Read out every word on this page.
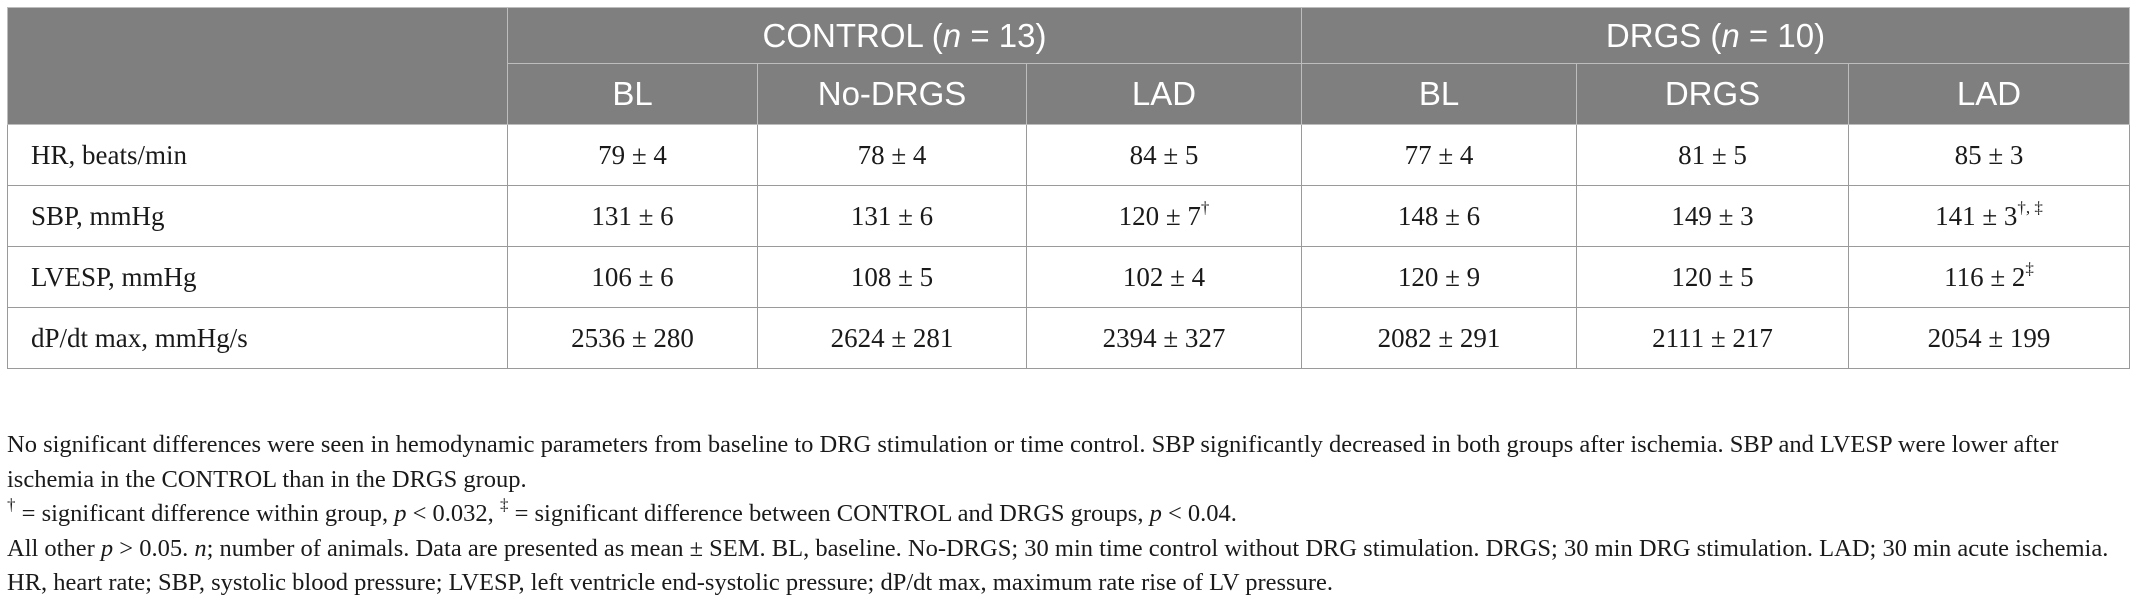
	CONTROL (n = 13)			DRGS (n = 10)		
	BL	No-DRGS	LAD	BL	DRGS	LAD
HR, beats/min	79 ± 4	78 ± 4	84 ± 5	77 ± 4	81 ± 5	85 ± 3
SBP, mmHg	131 ± 6	131 ± 6	120 ± 7†	148 ± 6	149 ± 3	141 ± 3†, ‡
LVESP, mmHg	106 ± 6	108 ± 5	102 ± 4	120 ± 9	120 ± 5	116 ± 2‡
dP/dt max, mmHg/s	2536 ± 280	2624 ± 281	2394 ± 327	2082 ± 291	2111 ± 217	2054 ± 199

No significant differences were seen in hemodynamic parameters from baseline to DRG stimulation or time control. SBP significantly decreased in both groups after ischemia. SBP and LVESP were lower after ischemia in the CONTROL than in the DRGS group.

† = significant difference within group, p < 0.032, ‡ = significant difference between CONTROL and DRGS groups, p < 0.04.

All other p > 0.05. n; number of animals. Data are presented as mean ± SEM. BL, baseline. No-DRGS; 30 min time control without DRG stimulation. DRGS; 30 min DRG stimulation. LAD; 30 min acute ischemia. HR, heart rate; SBP, systolic blood pressure; LVESP, left ventricle end-systolic pressure; dP/dt max, maximum rate rise of LV pressure.
